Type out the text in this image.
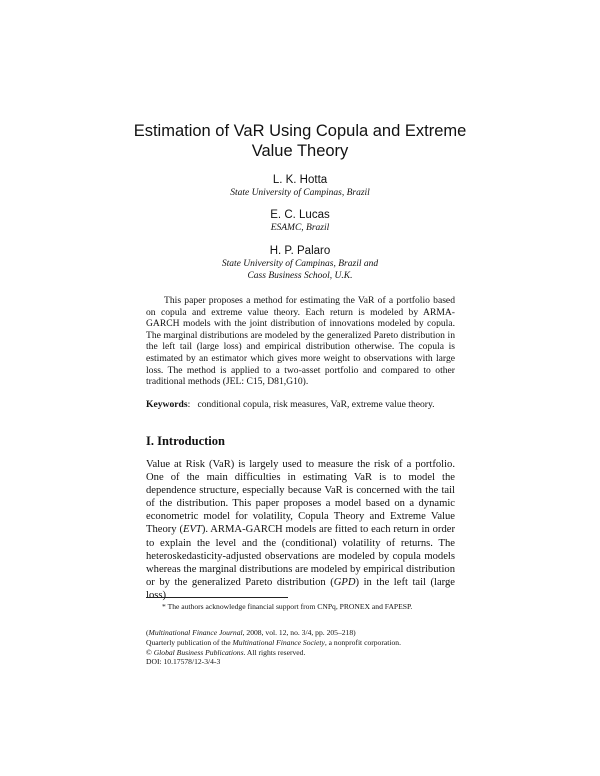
Estimation of VaR Using Copula and Extreme
Value Theory
L. K. Hotta
State University of Campinas, Brazil
E. C. Lucas
ESAMC, Brazil
H. P. Palaro
State University of Campinas, Brazil and
Cass Business School, U.K.

This paper proposes a method for estimating the VaR of a portfolio based on copula and extreme value theory. Each return is modeled by ARMA-GARCH models with the joint distribution of innovations modeled by copula. The marginal distributions are modeled by the generalized Pareto distribution in the left tail (large loss) and empirical distribution otherwise. The copula is estimated by an estimator which gives more weight to observations with large loss. The method is applied to a two-asset portfolio and compared to other traditional methods (JEL: C15, D81,G10).

Keywords:   conditional copula, risk measures, VaR, extreme value theory.
I. Introduction

Value at Risk (VaR) is largely used to measure the risk of a portfolio. One of the main difficulties in estimating VaR is to model the dependence structure, especially because VaR is concerned with the tail of the distribution. This paper proposes a model based on a dynamic econometric model for volatility, Copula Theory and Extreme Value Theory (EVT). ARMA-GARCH models are fitted to each return in order to explain the level and the (conditional) volatility of returns. The heteroskedasticity-adjusted observations are modeled by copula models whereas the marginal distributions are modeled by empirical distribution or by the generalized Pareto distribution (GPD) in the left tail (large loss)

* The authors acknowledge financial support from CNPq, PRONEX and FAPESP.
(Multinational Finance Journal, 2008, vol. 12, no. 3/4, pp. 205–218)
Quarterly publication of the Multinational Finance Society, a nonprofit corporation.
© Global Business Publications. All rights reserved.
DOI: 10.17578/12-3/4-3
